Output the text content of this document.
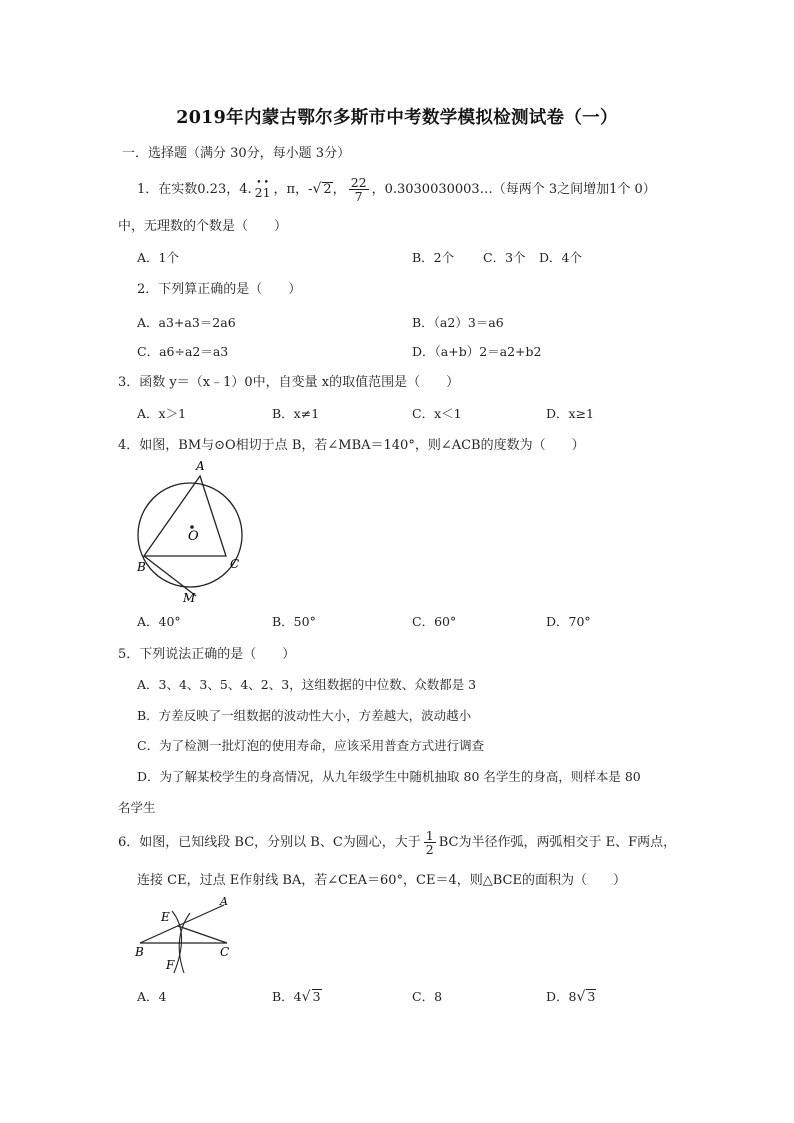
2019年内蒙古鄂尔多斯市中考数学模拟检测试卷（一）
一．选择题（满分 30分，每小题 3分）
1．在实数0.23，4. ••
21 ，π，-√ 2， $\frac{22}{7}$ ，0.3030030003…（每两个 3之间增加1个 0）
中，无理数的个数是（　　）
A．1个	B．2个 C．3个 D．4个
2．下列算正确的是（　　）
A．a3+a3＝2a6	B．（a2）3＝a6
C．a6÷a2＝a3	D．（a+b）2＝a2+b2
3．函数 y＝（x﹣1）0中，自变量 x的取值范围是（　　）
A．x＞1	B．x≠1	C．x＜1	D．x≥1
4．如图，BM与⊙O相切于点 B，若∠MBA＝140°，则∠ACB的度数为（　　）
A
O
B	C
M
A．40°	B．50°	C．60°	D．70°
5．下列说法正确的是（　　）
A．3、4、3、5、4、2、3，这组数据的中位数、众数都是 3
B．方差反映了一组数据的波动性大小，方差越大，波动越小
C．为了检测一批灯泡的使用寿命，应该采用普查方式进行调查
D．为了解某校学生的身高情况，从九年级学生中随机抽取 80 名学生的身高，则样本是 80
名学生
6．如图，已知线段 BC，分别以 B、C为圆心，大于 $\frac{1}{2}$ BC为半径作弧，两弧相交于 E、F两点，
连接 CE，过点 E作射线 BA，若∠CEA＝60°，CE＝4，则△BCE的面积为（　　）
E
A
B	C
F
A．4	B．4√ 3	C．8	D．8√ 3
